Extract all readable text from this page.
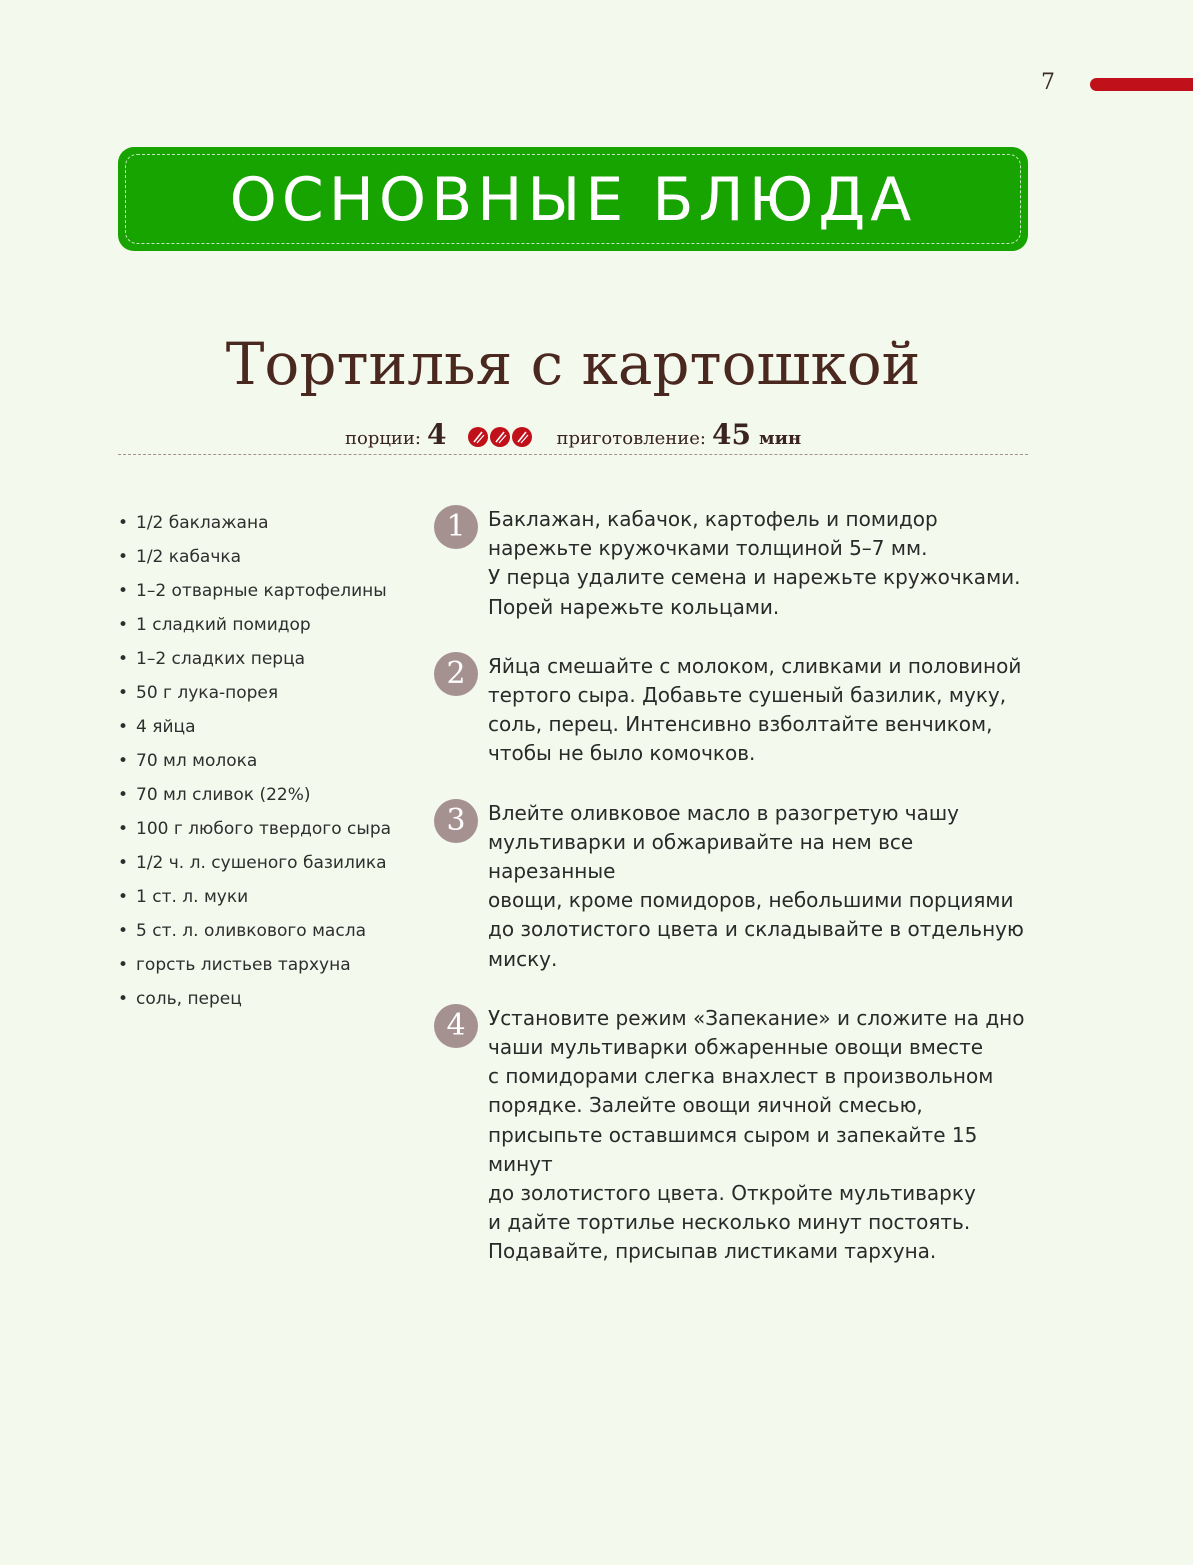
7
ОСНОВНЫЕ БЛЮДА
Тортилья с картошкой
порции: 4	приготовление: 45 мин
• 1/2 баклажана
• 1/2 кабачка
• 1–2 отварные картофелины
• 1 сладкий помидор
• 1–2 сладких перца
• 50 г лука-порея
• 4 яйца
• 70 мл молока
• 70 мл сливок (22%)
• 100 г любого твердого сыра
• 1/2 ч. л. сушеного базилика
• 1 ст. л. муки
• 5 ст. л. оливкового масла
• горсть листьев тархуна
• соль, перец
1	Баклажан, кабачок, картофель и помидор
нарежьте кружочками толщиной 5–7 мм.
У перца удалите семена и нарежьте кружочками.
Порей нарежьте кольцами.

2	Яйца смешайте с молоком, сливками и половиной
тертого сыра. Добавьте сушеный базилик, муку,
соль, перец. Интенсивно взболтайте венчиком,
чтобы не было комочков.

3	Влейте оливковое масло в разогретую чашу
мультиварки и обжаривайте на нем все нарезанные
овощи, кроме помидоров, небольшими порциями
до золотистого цвета и складывайте в отдельную
миску.

4	Установите режим «Запекание» и сложите на дно
чаши мультиварки обжаренные овощи вместе
с помидорами слегка внахлест в произвольном
порядке. Залейте овощи яичной смесью,
присыпьте оставшимся сыром и запекайте 15 минут
до золотистого цвета. Откройте мультиварку
и дайте тортилье несколько минут постоять.
Подавайте, присыпав листиками тархуна.
